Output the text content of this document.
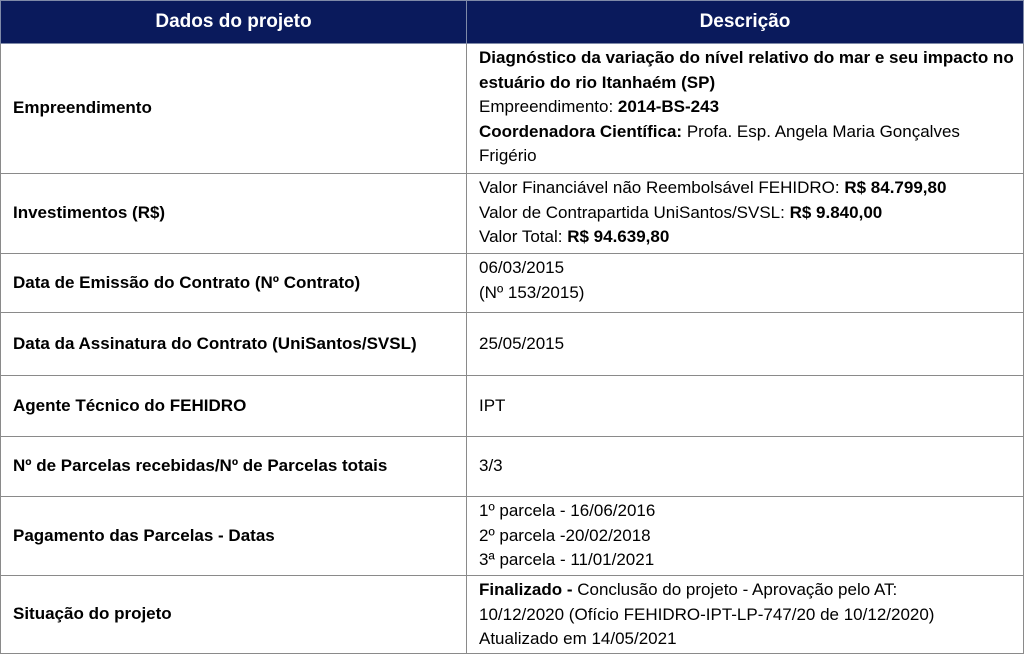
Dados do projeto	Descrição
Empreendimento	Diagnóstico da variação do nível relativo do mar e seu impacto no estuário do rio Itanhaém (SP)
Empreendimento: 2014-BS-243
Coordenadora Científica: Profa. Esp. Angela Maria Gonçalves Frigério

Investimentos (R$)	Valor Financiável não Reembolsável FEHIDRO: R$ 84.799,80
Valor de Contrapartida UniSantos/SVSL: R$ 9.840,00
Valor Total: R$ 94.639,80

Data de Emissão do Contrato (Nº Contrato)	06/03/2015
(Nº 153/2015)

Data da Assinatura do Contrato (UniSantos/SVSL)	25/05/2015
Agente Técnico do FEHIDRO	IPT
Nº de Parcelas recebidas/Nº de Parcelas totais	3/3
Pagamento das Parcelas - Datas	1º parcela - 16/06/2016
2º parcela -20/02/2018
3ª parcela - 11/01/2021

Situação do projeto	Finalizado - Conclusão do projeto - Aprovação pelo AT:
10/12/2020 (Ofício FEHIDRO-IPT-LP-747/20 de 10/12/2020)
Atualizado em 14/05/2021
